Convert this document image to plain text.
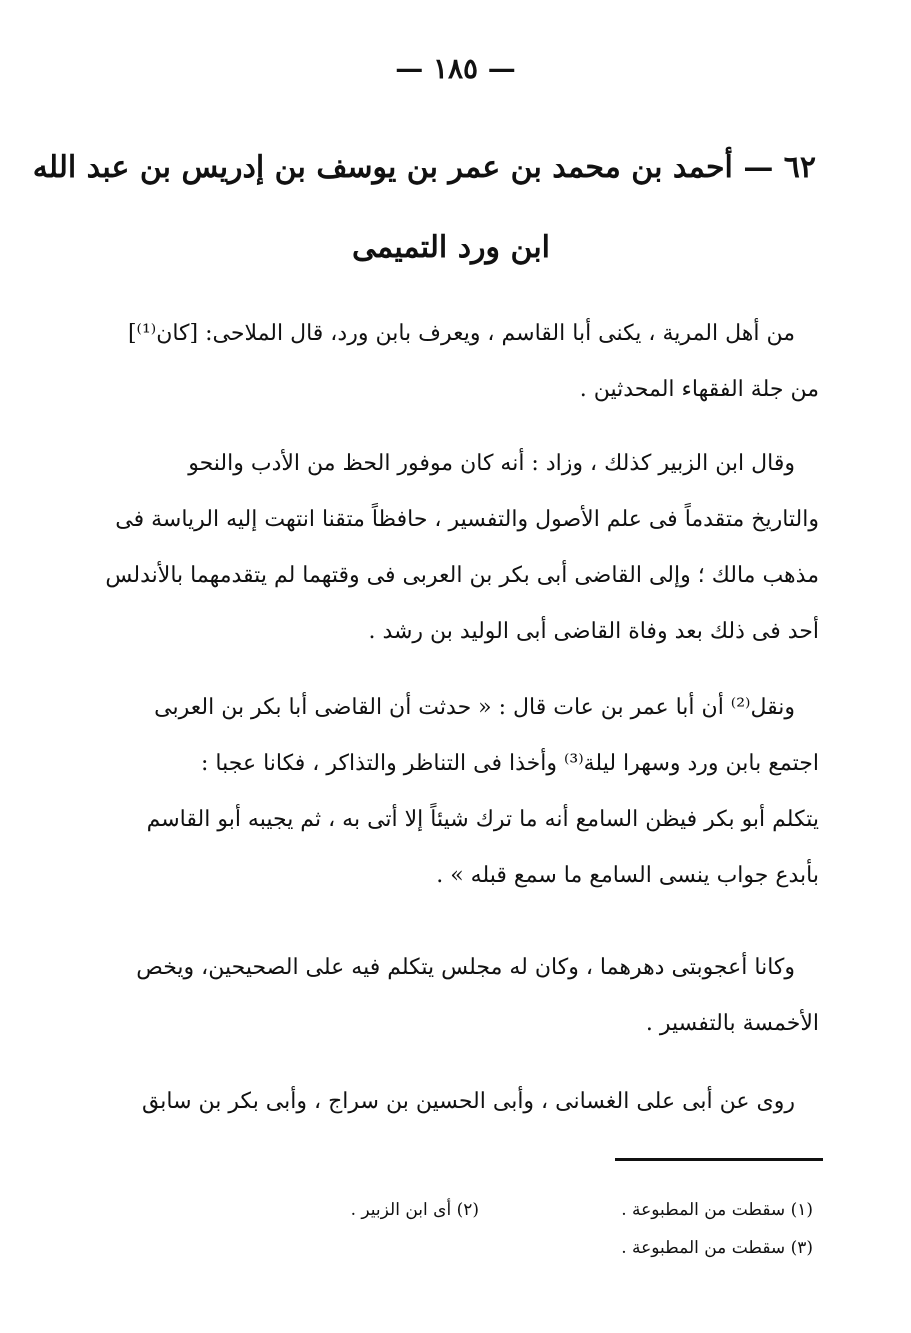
— ١٨٥ —
٦٢ — أحمد بن محمد بن عمر بن يوسف بن إدريس بن عبد الله
ابن ورد التميمى
من أهل المرية ، يكنى أبا القاسم ، ويعرف بابن ورد، قال الملاحى: [كان⁽¹⁾]
من جلة الفقهاء المحدثين .
وقال ابن الزبير كذلك ، وزاد : أنه كان موفور الحظ من الأدب والنحو
والتاريخ متقدماً فى علم الأصول والتفسير ، حافظاً متقنا انتهت إليه الرياسة فى
مذهب مالك ؛ وإلى القاضى أبى بكر بن العربى فى وقتهما لم يتقدمهما بالأندلس
أحد فى ذلك بعد وفاة القاضى أبى الوليد بن رشد .
ونقل⁽²⁾ أن أبا عمر بن عات قال : « حدثت أن القاضى أبا بكر بن العربى
اجتمع بابن ورد وسهرا ليلة⁽³⁾ وأخذا فى التناظر والتذاكر ، فكانا عجبا :
يتكلم أبو بكر فيظن السامع أنه ما ترك شيئاً إلا أتى به ، ثم يجيبه أبو القاسم
بأبدع جواب ينسى السامع ما سمع قبله » .
وكانا أعجوبتى دهرهما ، وكان له مجلس يتكلم فيه على الصحيحين، ويخص
الأخمسة بالتفسير .
روى عن أبى على الغسانى ، وأبى الحسين بن سراج ، وأبى بكر بن سابق
(١) سقطت من المطبوعة .
(٢) أى ابن الزبير .
(٣) سقطت من المطبوعة .
